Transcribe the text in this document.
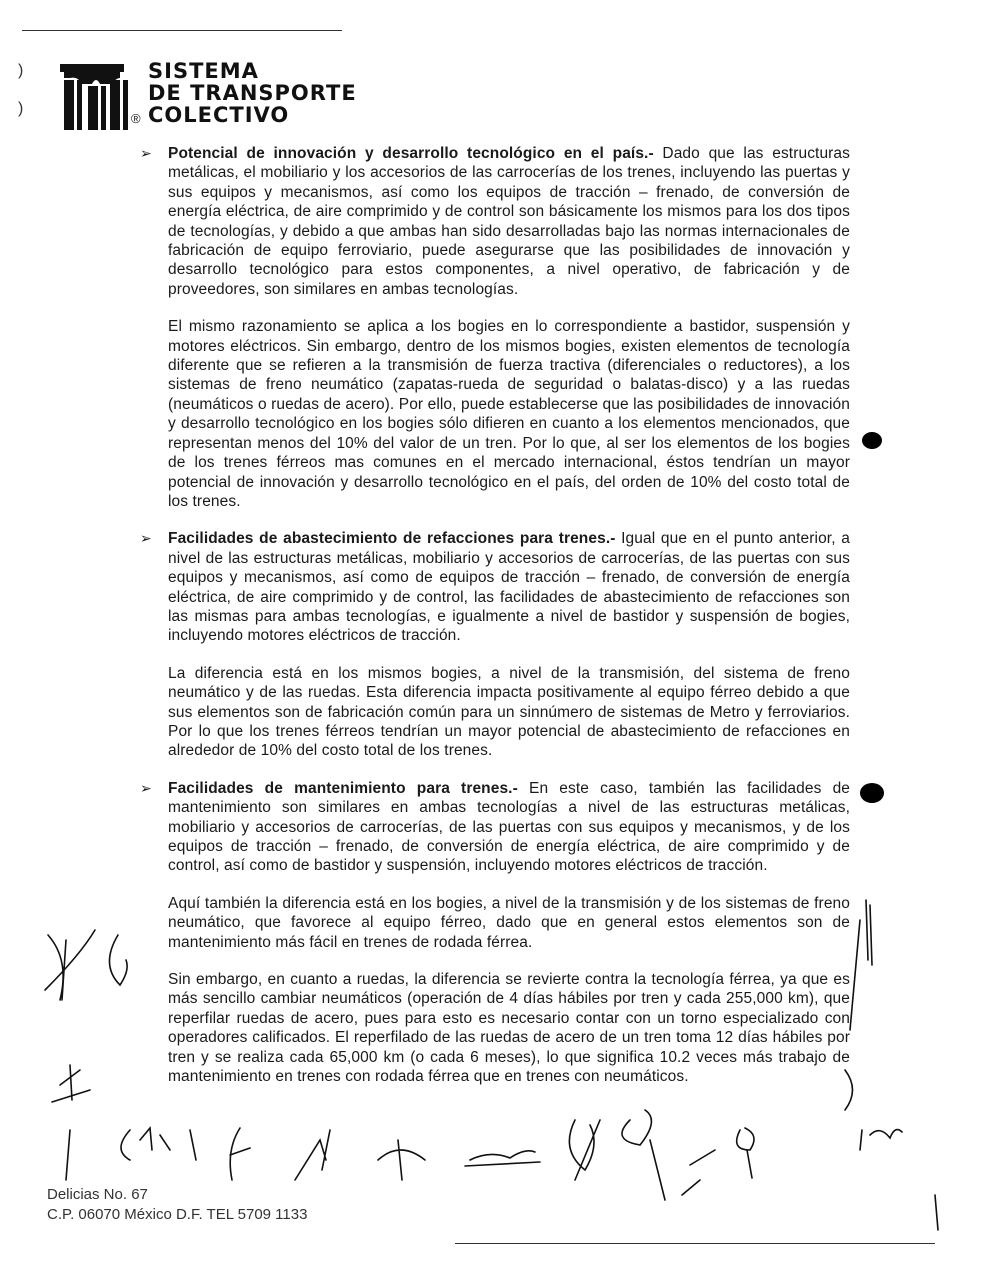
)
)
®
SISTEMA
DE TRANSPORTE
COLECTIVO
➢ Potencial de innovación y desarrollo tecnológico en el país.- Dado que las estructuras metálicas, el mobiliario y los accesorios de las carrocerías de los trenes, incluyendo las puertas y sus equipos y mecanismos, así como los equipos de tracción – frenado, de conversión de energía eléctrica, de aire comprimido y de control son básicamente los mismos para los dos tipos de tecnologías, y debido a que ambas han sido desarrolladas bajo las normas internacionales de fabricación de equipo ferroviario, puede asegurarse que las posibilidades de innovación y desarrollo tecnológico para estos componentes, a nivel operativo, de fabricación y de proveedores, son similares en ambas tecnologías.

El mismo razonamiento se aplica a los bogies en lo correspondiente a bastidor, suspensión y motores eléctricos. Sin embargo, dentro de los mismos bogies, existen elementos de tecnología diferente que se refieren a la transmisión de fuerza tractiva (diferenciales o reductores), a los sistemas de freno neumático (zapatas-rueda de seguridad o balatas-disco) y a las ruedas (neumáticos o ruedas de acero). Por ello, puede establecerse que las posibilidades de innovación y desarrollo tecnológico en los bogies sólo difieren en cuanto a los elementos mencionados, que representan menos del 10% del valor de un tren. Por lo que, al ser los elementos de los bogies de los trenes férreos mas comunes en el mercado internacional, éstos tendrían un mayor potencial de innovación y desarrollo tecnológico en el país, del orden de 10% del costo total de los trenes.

➢ Facilidades de abastecimiento de refacciones para trenes.- Igual que en el punto anterior, a nivel de las estructuras metálicas, mobiliario y accesorios de carrocerías, de las puertas con sus equipos y mecanismos, así como de equipos de tracción – frenado, de conversión de energía eléctrica, de aire comprimido y de control, las facilidades de abastecimiento de refacciones son las mismas para ambas tecnologías, e igualmente a nivel de bastidor y suspensión de bogies, incluyendo motores eléctricos de tracción.

La diferencia está en los mismos bogies, a nivel de la transmisión, del sistema de freno neumático y de las ruedas. Esta diferencia impacta positivamente al equipo férreo debido a que sus elementos son de fabricación común para un sinnúmero de sistemas de Metro y ferroviarios. Por lo que los trenes férreos tendrían un mayor potencial de abastecimiento de refacciones en alrededor de 10% del costo total de los trenes.

➢ Facilidades de mantenimiento para trenes.- En este caso, también las facilidades de mantenimiento son similares en ambas tecnologías a nivel de las estructuras metálicas, mobiliario y accesorios de carrocerías, de las puertas con sus equipos y mecanismos, y de los equipos de tracción – frenado, de conversión de energía eléctrica, de aire comprimido y de control, así como de bastidor y suspensión, incluyendo motores eléctricos de tracción.

Aquí también la diferencia está en los bogies, a nivel de la transmisión y de los sistemas de freno neumático, que favorece al equipo férreo, dado que en general estos elementos son de mantenimiento más fácil en trenes de rodada férrea.

Sin embargo, en cuanto a ruedas, la diferencia se revierte contra la tecnología férrea, ya que es más sencillo cambiar neumáticos (operación de 4 días hábiles por tren y cada 255,000 km), que reperfilar ruedas de acero, pues para esto es necesario contar con un torno especializado con operadores calificados. El reperfilado de las ruedas de acero de un tren toma 12 días hábiles por tren y se realiza cada 65,000 km (o cada 6 meses), lo que significa 10.2 veces más trabajo de mantenimiento en trenes con rodada férrea que en trenes con neumáticos.

Delicias No. 67
C.P. 06070 México D.F. TEL 5709 1133
